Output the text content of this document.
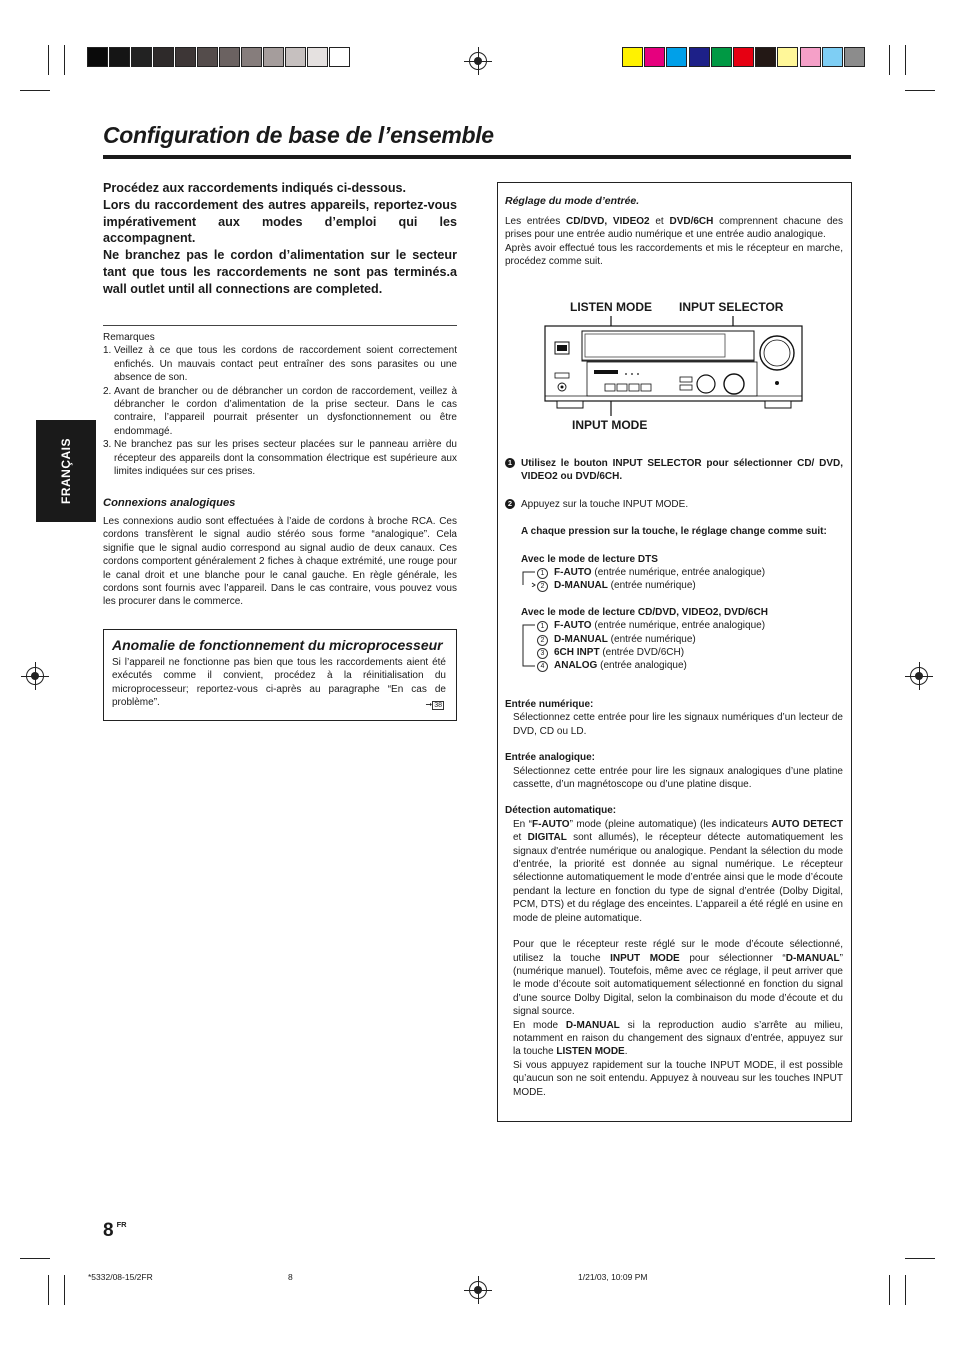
Configuration de base de l’ensemble
FRANÇAIS
Procédez aux raccordements indiqués ci-dessous.
Lors du raccordement des autres appareils, reportez-vous impérativement aux modes d’emploi qui les accompagnent.
Ne branchez pas le cordon d’alimentation sur le secteur tant que tous les raccordements ne sont pas terminés.a wall outlet until all connections are completed.

Remarques

1. Veillez à ce que tous les cordons de raccordement soient correctement enfichés. Un mauvais contact peut entraîner des sons parasites ou une absence de son.
2. Avant de brancher ou de débrancher un cordon de raccordement, veillez à débrancher le cordon d’alimentation de la prise secteur. Dans le cas contraire, l’appareil pourrait présenter un dysfonctionnement ou être endommagé.
3. Ne branchez pas sur les prises secteur placées sur le panneau arrière du récepteur des appareils dont la consommation électrique est supérieure aux limites indiquées sur ces prises.

Connexions analogiques

Les connexions audio sont effectuées à l’aide de cordons à broche RCA. Ces cordons transfèrent le signal audio stéréo sous forme “analogique”. Cela signifie que le signal audio correspond au signal audio de deux canaux. Ces cordons comportent généralement 2 fiches à chaque extrémité, une rouge pour le canal droit et une blanche pour le canal gauche. En règle générale, les cordons sont fournis avec l’appareil. Dans le cas contraire, vous pouvez vous les procurer dans le commerce.

Anomalie de fonctionnement du microprocesseur

Si l’appareil ne fonctionne pas bien que tous les raccordements aient été exécutés comme il convient, procédez à la réinitialisation du microprocesseur; reportez-vous ci-après au paragraphe “En cas de problème”.	➞ 38

Réglage du mode d’entrée.

Les entrées CD/DVD, VIDEO2 et DVD/6CH comprennent chacune des prises pour une entrée audio numérique et une entrée audio analogique.

Après avoir effectué tous les raccordements et mis le récepteur en marche, procédez comme suit.

LISTEN MODE INPUT SELECTOR
INPUT MODE
1 Utilisez le bouton INPUT SELECTOR pour sélectionner CD/ DVD, VIDEO2 ou DVD/6CH.
2 Appuyez sur la touche INPUT MODE.
A chaque pression sur la touche, le réglage change comme suit:

Avec le mode de lecture DTS

1 F-AUTO (entrée numérique, entrée analogique)
2 D-MANUAL (entrée numérique)

Avec le mode de lecture CD/DVD, VIDEO2, DVD/6CH

1 F-AUTO (entrée numérique, entrée analogique)
2 D-MANUAL (entrée numérique)
3 6CH INPT (entrée DVD/6CH)
4 ANALOG (entrée analogique)

Entrée numérique:

Sélectionnez cette entrée pour lire les signaux numériques d’un lecteur de DVD, CD ou LD.

Entrée analogique:

Sélectionnez cette entrée pour lire les signaux analogiques d’une platine cassette, d’un magnétoscope ou d’une platine disque.

Détection automatique:

En “F-AUTO” mode (pleine automatique) (les indicateurs AUTO DETECT et DIGITAL sont allumés), le récepteur détecte automatiquement les signaux d'entrée numérique ou analogique. Pendant la sélection du mode d’entrée, la priorité est donnée au signal numérique. Le récepteur sélectionne automatiquement le mode d’entrée ainsi que le mode d’écoute pendant la lecture en fonction du type de signal d’entrée (Dolby Digital, PCM, DTS) et du réglage des enceintes. L’appareil a été réglé en usine en mode de pleine automatique.

Pour que le récepteur reste réglé sur le mode d’écoute sélectionné, utilisez la touche INPUT MODE pour sélectionner “D-MANUAL” (numérique manuel). Toutefois, même avec ce réglage, il peut arriver que le mode d’écoute soit automatiquement sélectionné en fonction du signal d’une source Dolby Digital, selon la combinaison du mode d’écoute et du signal source.

En mode D-MANUAL si la reproduction audio s’arrête au milieu, notamment en raison du changement des signaux d’entrée, appuyez sur la touche LISTEN MODE.

Si vous appuyez rapidement sur la touche INPUT MODE, il est possible qu’aucun son ne soit entendu. Appuyez à nouveau sur les touches INPUT MODE.

8 $^{FR}$
*5332/08-15/2FR	8	1/21/03, 10:09 PM
